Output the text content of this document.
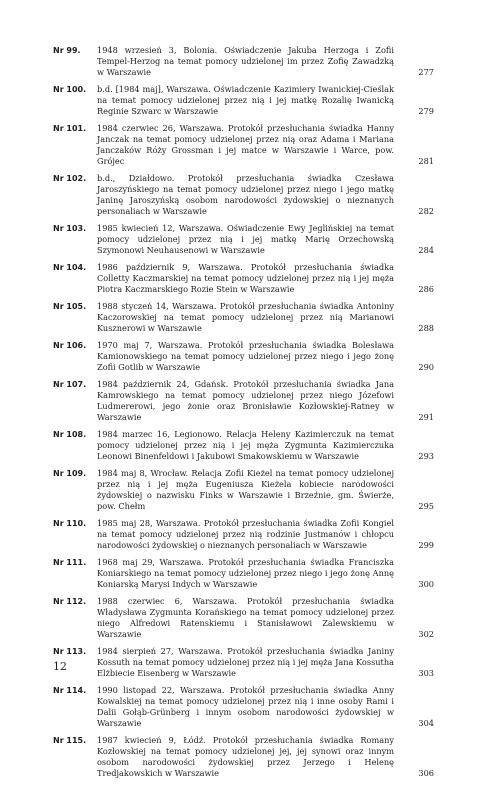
Nr 99. 1948 wrzesień 3, Bolonia. Oświadczenie Jakuba Herzoga i Zofii Tempel-Herzog na temat pomocy udzielonej im przez Zofię Zawadzką w Warszawie	277
Nr 100. b.d. [1984 maj], Warszawa. Oświadczenie Kazimiery Iwanickiej-Cieślak na temat pomocy udzielonej przez nią i jej matkę Rozalię Iwanicką Reginie Szwarc w Warszawie	279
Nr 101. 1984 czerwiec 26, Warszawa. Protokół przesłuchania świadka Hanny Janczak na temat pomocy udzielonej przez nią oraz Adama i Mariana Janczaków Róży Grossman i jej matce w Warszawie i Warce, pow. Grójec	281
Nr 102. b.d., Działdowo. Protokół przesłuchania świadka Czesława Jaroszyńskiego na temat pomocy udzielonej przez niego i jego matkę Janinę Jaroszyńską osobom narodowości żydowskiej o nieznanych personaliach w Warszawie	282
Nr 103. 1985 kwiecień 12, Warszawa. Oświadczenie Ewy Jeglińskiej na temat pomocy udzielonej przez nią i jej matkę Marię Orzechowską Szymonowi Neuhausenowi w Warszawie	284
Nr 104. 1986 październik 9, Warszawa. Protokół przesłuchania świadka Colletty Kaczmarskiej na temat pomocy udzielonej przez nią i jej męża Piotra Kaczmarskiego Rozie Stein w Warszawie	286
Nr 105. 1988 styczeń 14, Warszawa. Protokół przesłuchania świadka Antoniny Kaczorowskiej na temat pomocy udzielonej przez nią Marianowi Kusznerowi w Warszawie	288
Nr 106. 1970 maj 7, Warszawa. Protokół przesłuchania świadka Bolesława Kamionowskiego na temat pomocy udzielonej przez niego i jego żonę Zofii Gotlib w Warszawie	290
Nr 107. 1984 październik 24, Gdańsk. Protokół przesłuchania świadka Jana Kamrowskiego na temat pomocy udzielonej przez niego Józefowi Ludmererowi, jego żonie oraz Bronisławie Kozłowskiej-Ratney w Warszawie	291
Nr 108. 1984 marzec 16, Legionowo. Relacja Heleny Kazimierczuk na temat pomocy udzielonej przez nią i jej męża Zygmunta Kazimierczuka Leonowi Binenfeldowi i Jakubowi Smakowskiemu w Warszawie	293
Nr 109. 1984 maj 8, Wrocław. Relacja Zofii Kieżel na temat pomocy udzielonej przez nią i jej męża Eugeniusza Kieżela kobiecie narodowości żydowskiej o nazwisku Finks w Warszawie i Brzeźnie, gm. Świerże, pow. Chełm	295
Nr 110. 1985 maj 28, Warszawa. Protokół przesłuchania świadka Zofii Kongiel na temat pomocy udzielonej przez nią rodzinie Justmanów i chłopcu narodowości żydowskiej o nieznanych personaliach w Warszawie	299
Nr 111. 1968 maj 29, Warszawa. Protokół przesłuchania świadka Franciszka Koniarskiego na temat pomocy udzielonej przez niego i jego żonę Annę Koniarską Marysi Indych w Warszawie	300
Nr 112. 1988 czerwiec 6, Warszawa. Protokół przesłuchania świadka Władysława Zygmunta Korańskiego na temat pomocy udzielonej przez niego Alfredowi Ratenskiemu i Stanisławowi Zalewskiemu w Warszawie	302
Nr 113. 1984 sierpień 27, Warszawa. Protokół przesłuchania świadka Janiny Kossuth na temat pomocy udzielonej przez nią i jej męża Jana Kossutha Elżbiecie Eisenberg w Warszawie	303
Nr 114. 1990 listopad 22, Warszawa. Protokół przesłuchania świadka Anny Kowalskiej na temat pomocy udzielonej przez nią i inne osoby Rami i Dalii Gołąb-Grünberg i innym osobom narodowości żydowskiej w Warszawie	304
Nr 115. 1987 kwiecień 9, Łódź. Protokół przesłuchania świadka Romany Kozłowskiej na temat pomocy udzielonej jej, jej synowi oraz innym osobom narodowości żydowskiej przez Jerzego i Helenę Tredjakowskich w Warszawie	306
12
